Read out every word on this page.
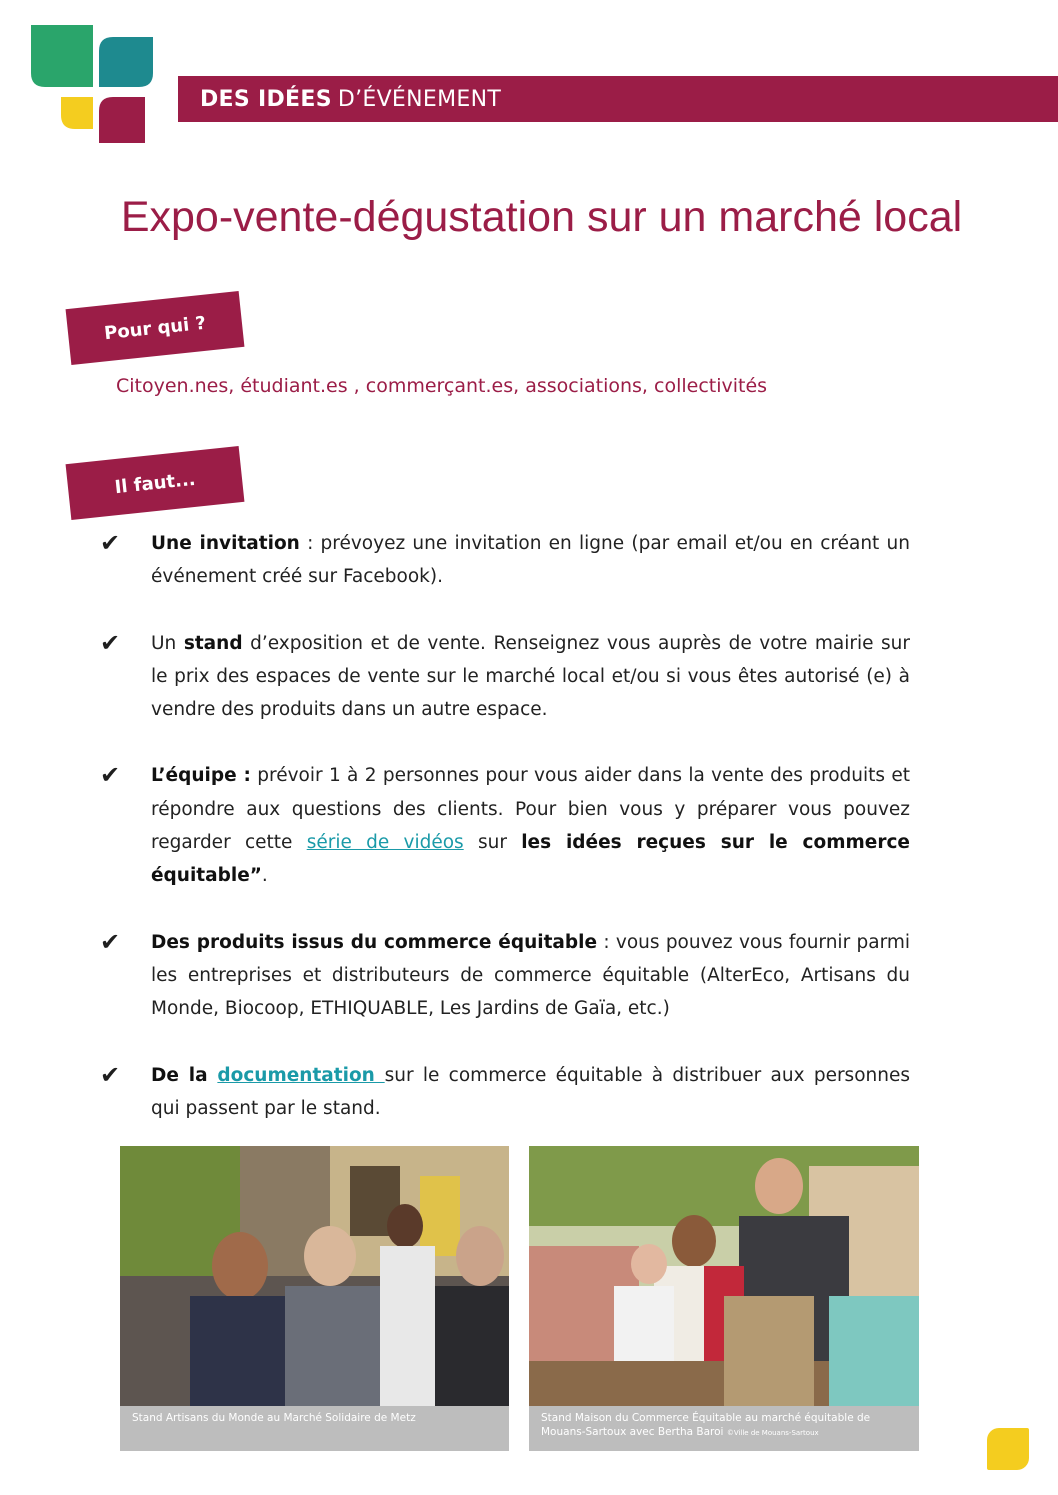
DES IDÉES D’ÉVÉNEMENT
Expo-vente-dégustation sur un marché local
Pour qui ?
Citoyen.nes, étudiant.es , commerçant.es, associations, collectivités
Il faut...
✔	Une invitation : prévoyez une invitation en ligne (par email et/ou en créant un événement créé sur Facebook).
✔	Un stand d’exposition et de vente. Renseignez vous auprès de votre mairie sur le prix des espaces de vente sur le marché local et/ou si vous êtes autorisé (e) à vendre des produits dans un autre espace.
✔	L’équipe : prévoir 1 à 2 personnes pour vous aider dans la vente des produits et répondre aux questions des clients. Pour bien vous y préparer vous pouvez regarder cette série de vidéos sur les idées reçues sur le commerce équitable”.
✔	Des produits issus du commerce équitable : vous pouvez vous fournir parmi les entreprises et distributeurs de commerce équitable (AlterEco, Artisans du Monde, Biocoop, ETHIQUABLE, Les Jardins de Gaïa, etc.)
✔	De la documentation sur le commerce équitable à distribuer aux personnes qui passent par le stand.
Stand Artisans du Monde au Marché Solidaire de Metz	Stand Maison du Commerce Équitable au marché équitable de Mouans-Sartoux avec Bertha Baroi ©Ville de Mouans-Sartoux
